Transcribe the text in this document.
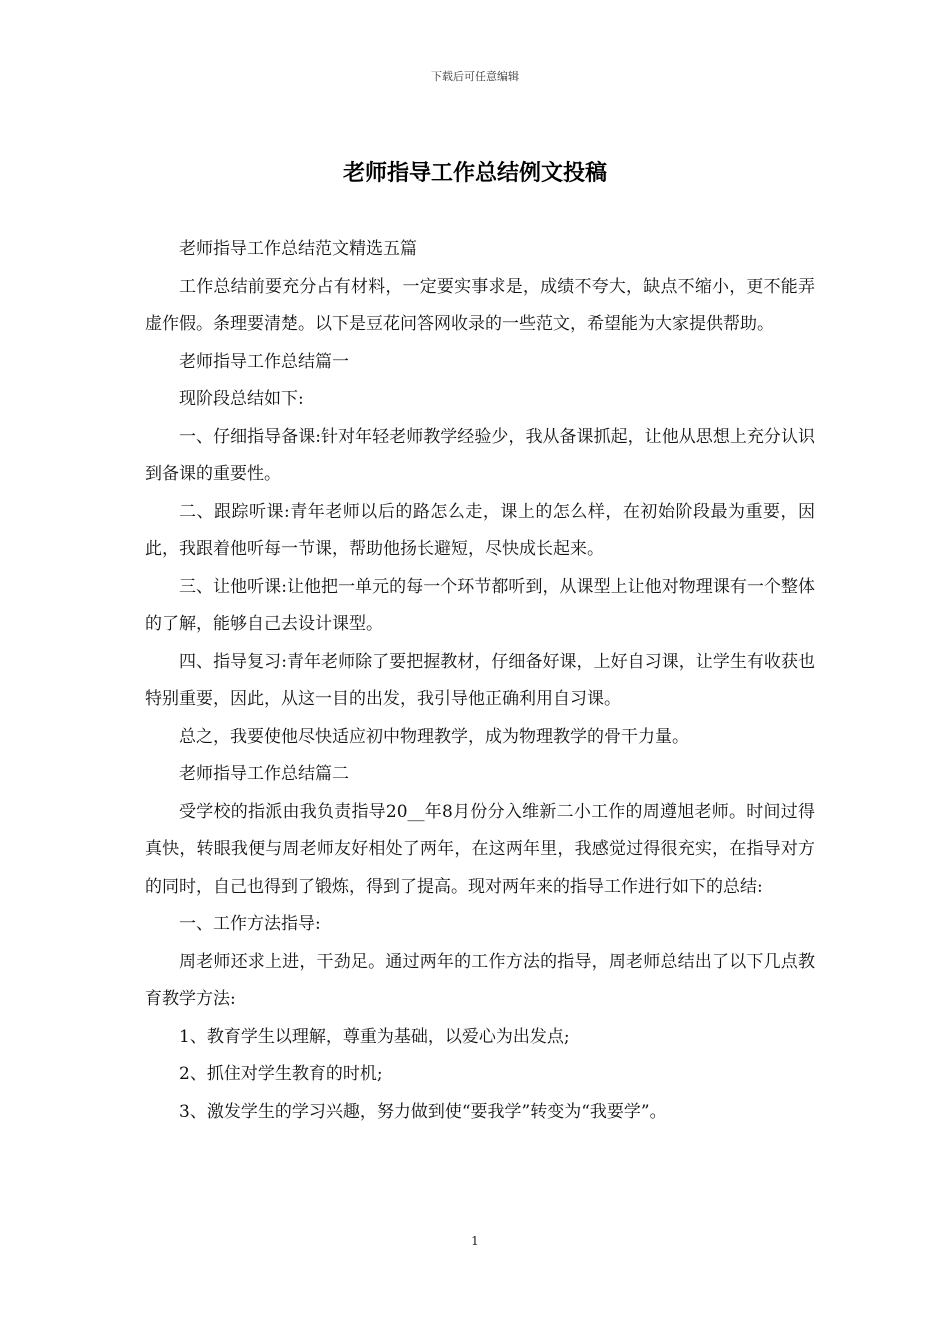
下载后可任意编辑
老师指导工作总结例文投稿

老师指导工作总结范文精选五篇

工作总结前要充分占有材料，一定要实事求是，成绩不夸大，缺点不缩小，更不能弄虚作假。条理要清楚。以下是豆花问答网收录的一些范文，希望能为大家提供帮助。

老师指导工作总结篇一

现阶段总结如下:

一、仔细指导备课:针对年轻老师教学经验少，我从备课抓起，让他从思想上充分认识到备课的重要性。

二、跟踪听课:青年老师以后的路怎么走，课上的怎么样，在初始阶段最为重要，因此，我跟着他听每一节课，帮助他扬长避短，尽快成长起来。

三、让他听课:让他把一单元的每一个环节都听到，从课型上让他对物理课有一个整体的了解，能够自己去设计课型。

四、指导复习:青年老师除了要把握教材，仔细备好课，上好自习课，让学生有收获也特别重要，因此，从这一目的出发，我引导他正确利用自习课。

总之，我要使他尽快适应初中物理教学，成为物理教学的骨干力量。

老师指导工作总结篇二

受学校的指派由我负责指导20__年8月份分入维新二小工作的周遵旭老师。时间过得真快，转眼我便与周老师友好相处了两年，在这两年里，我感觉过得很充实，在指导对方的同时，自己也得到了锻炼，得到了提高。现对两年来的指导工作进行如下的总结:

一、工作方法指导:

周老师还求上进，干劲足。通过两年的工作方法的指导，周老师总结出了以下几点教育教学方法:

1、教育学生以理解，尊重为基础，以爱心为出发点;

2、抓住对学生教育的时机;

3、激发学生的学习兴趣，努力做到使“要我学”转变为“我要学”。

1
